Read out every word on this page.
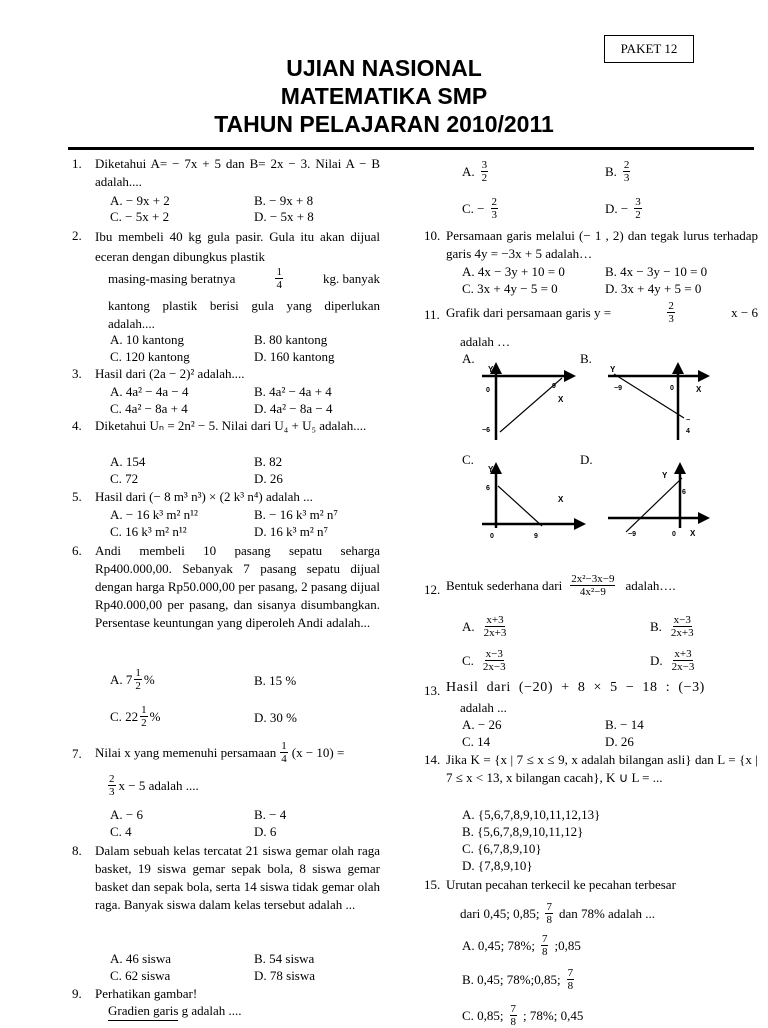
PAKET 12
UJIAN NASIONAL
MATEMATIKA SMP
TAHUN PELAJARAN 2010/2011
1. Diketahui A= − 7x + 5 dan B= 2x − 3. Nilai A − B adalah....
A. − 9x + 2	B. − 9x + 8
C. − 5x + 2	D. − 5x + 8
2. Ibu membeli 40 kg gula pasir. Gula itu akan dijual eceran dengan dibungkus plastik
masing-masing beratnya	$\frac{1}{4}$	kg. banyak
kantong plastik berisi gula yang diperlukan adalah....
A. 10 kantong	B. 80 kantong
C. 120 kantong	D. 160 kantong
3. Hasil dari (2a − 2)² adalah....
A. 4a² − 4a − 4	B. 4a² − 4a + 4
C. 4a² − 8a + 4	D. 4a² − 8a − 4
4. Diketahui Uₙ = 2n² − 5. Nilai dari U₄ + U₅ adalah....
A. 154	B. 82
C. 72	D. 26
5. Hasil dari (− 8 m³ n³) × (2 k³ n⁴) adalah ...
A. − 16 k³ m² n¹²	B. − 16 k³ m² n⁷
C. 16 k³ m² n¹²	D. 16 k³ m² n⁷
6. Andi membeli 10 pasang sepatu seharga Rp400.000,00. Sebanyak 7 pasang sepatu dijual dengan harga Rp50.000,00 per pasang, 2 pasang dijual Rp40.000,00 per pasang, dan sisanya disumbangkan. Persentase keuntungan yang diperoleh Andi adalah...
A. $7 \frac{1}{2}$ %	B. 15 %
C. $22 \frac{1}{2}$ %	D. 30 %
7. Nilai x yang memenuhi persamaan $\frac{1}{4} (x - 10)$ =
$\frac{2}{3}$ x − 5 adalah ....
A. − 6	B. − 4
C. 4	D. 6
8. Dalam sebuah kelas tercatat 21 siswa gemar olah raga basket, 19 siswa gemar sepak bola, 8 siswa gemar basket dan sepak bola, serta 14 siswa tidak gemar olah raga. Banyak siswa dalam kelas tersebut adalah ...
A. 46 siswa	B. 54 siswa
C. 62 siswa	D. 78 siswa
9. Perhatikan gambar!
Gradien garis g adalah ....
A. $\frac{3}{2}$	B. $\frac{2}{3}$
C. − $\frac{2}{3}$	D. − $\frac{3}{2}$
10. Persamaan garis melalui (− 1 , 2) dan tegak lurus terhadap garis 4y = −3x + 5 adalah…
A. 4x − 3y + 10 = 0	B. 4x − 3y − 10 = 0
C. 3x + 4y − 5 = 0	D. 3x + 4y + 5 = 0
11. Grafik dari persamaan garis y =	$\frac{2}{3}$	x − 6
adalah …
A.	B.
C.	D.
Y
0
9
X
−6
Y
−9	0	X
−
4
Y
6
X
0	9
Y
6
−9	0 X
12. Bentuk sederhana dari $\frac{\text{2x²−3x−9}}{\text{4x²−9}}$ adalah….
A. $\frac{x+3}{2x+3}$	B. $\frac{x-3}{2x+3}$
C. $\frac{x-3}{2x-3}$	D. $\frac{x+3}{2x-3}$
13. Hasil dari (−20) + 8 × 5 − 18 : (−3)
adalah ...
A. − 26	B. − 14
C. 14	D. 26
14. Jika K = {x | 7 ≤ x ≤ 9, x adalah bilangan asli} dan L = {x | 7 ≤ x < 13, x bilangan cacah}, K ∪ L = ...
A. {5,6,7,8,9,10,11,12,13}
B. {5,6,7,8,9,10,11,12}
C. {6,7,8,9,10}
D. {7,8,9,10}
15. Urutan pecahan terkecil ke pecahan terbesar
dari 0,45; 0,85; $\frac{7}{8}$ dan 78% adalah ...
A. 0,45; 78%; $\frac{7}{8}$ ;0,85
B. 0,45; 78%;0,85; $\frac{7}{8}$
C. 0,85; $\frac{7}{8}$ ; 78%; 0,45
